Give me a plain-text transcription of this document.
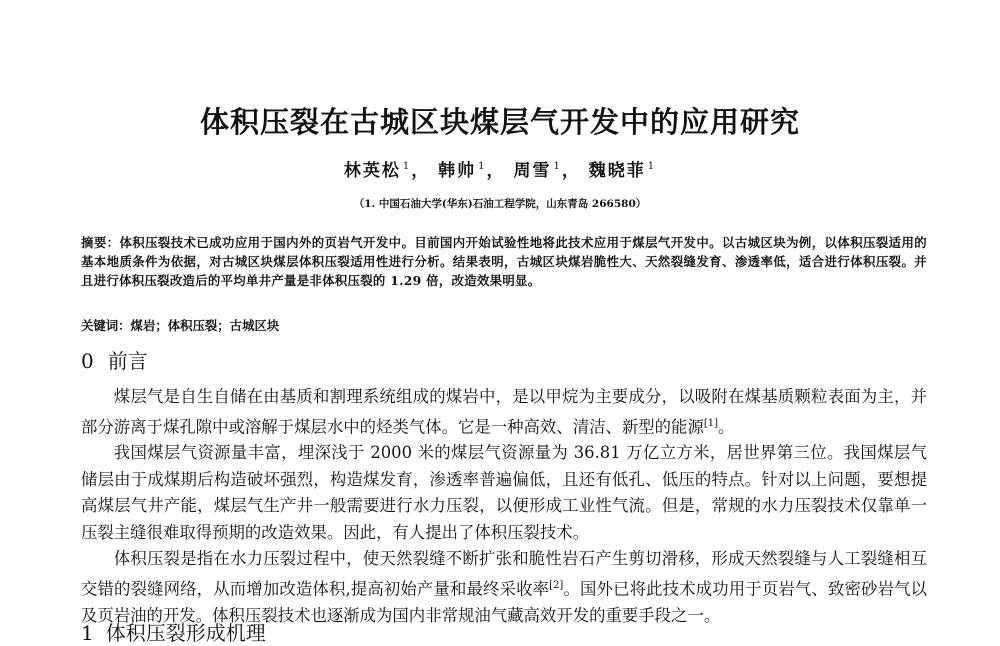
体积压裂在古城区块煤层气开发中的应用研究
林英松 $^1$， 韩帅 $^1$， 周雪 $^1$， 魏晓菲 $^1$
（1. 中国石油大学(华东)石油工程学院，山东青岛 266580）
摘要：体积压裂技术已成功应用于国内外的页岩气开发中。目前国内开始试验性地将此技术应用于煤层气开发中。以古城区块为例，以体积压裂适用的基本地质条件为依据，对古城区块煤层体积压裂适用性进行分析。结果表明，古城区块煤岩脆性大、天然裂缝发育、渗透率低，适合进行体积压裂。并且进行体积压裂改造后的平均单井产量是非体积压裂的 1.29 倍，改造效果明显。
关键词：煤岩；体积压裂；古城区块
0 前言

煤层气是自生自储在由基质和割理系统组成的煤岩中，是以甲烷为主要成分，以吸附在煤基质颗粒表面为主，并部分游离于煤孔隙中或溶解于煤层水中的烃类气体。它是一种高效、清洁、新型的能源[1]。

我国煤层气资源量丰富，埋深浅于 2000 米的煤层气资源量为 36.81 万亿立方米，居世界第三位。我国煤层气储层由于成煤期后构造破坏强烈，构造煤发育，渗透率普遍偏低，且还有低孔、低压的特点。针对以上问题，要想提高煤层气井产能，煤层气生产井一般需要进行水力压裂，以便形成工业性气流。但是，常规的水力压裂技术仅靠单一压裂主缝很难取得预期的改造效果。因此，有人提出了体积压裂技术。

体积压裂是指在水力压裂过程中，使天然裂缝不断扩张和脆性岩石产生剪切滑移，形成天然裂缝与人工裂缝相互交错的裂缝网络，从而增加改造体积,提高初始产量和最终采收率[2]。国外已将此技术成功用于页岩气、致密砂岩气以及页岩油的开发。体积压裂技术也逐渐成为国内非常规油气藏高效开发的重要手段之一。

1 体积压裂形成机理
